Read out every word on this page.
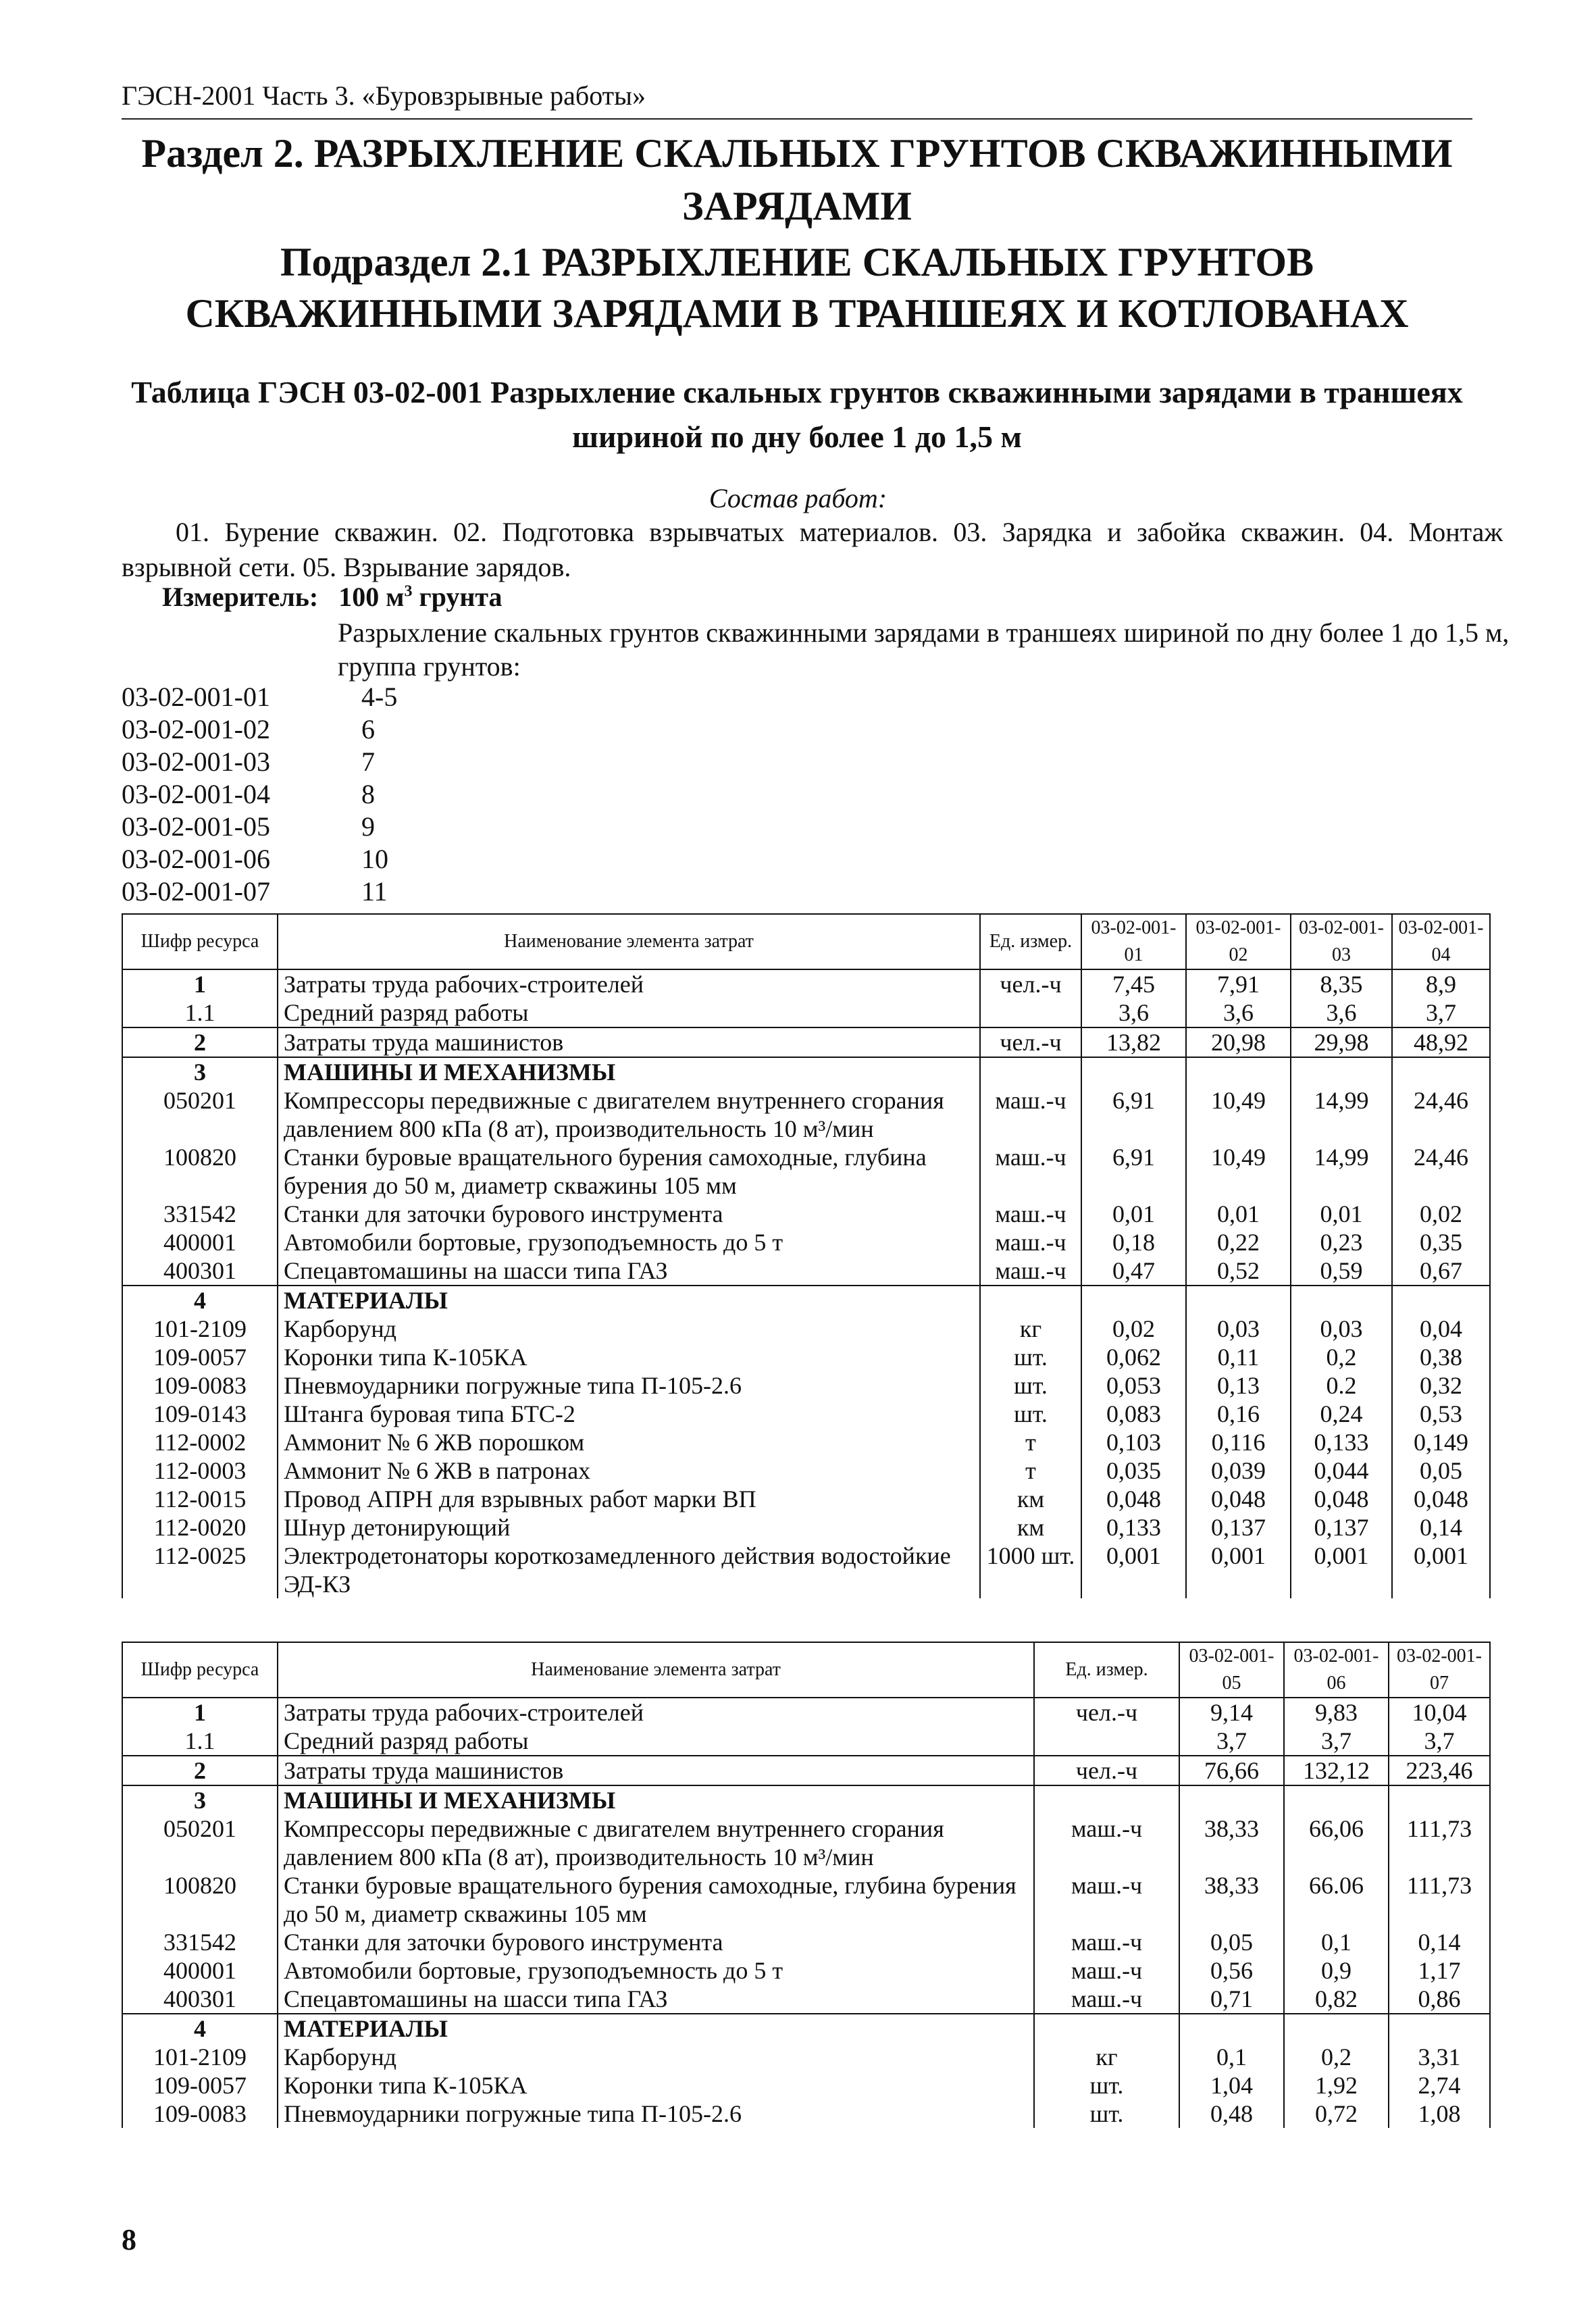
ГЭСН-2001 Часть 3. «Буровзрывные работы»
Раздел 2. РАЗРЫХЛЕНИЕ СКАЛЬНЫХ ГРУНТОВ СКВАЖИННЫМИ ЗАРЯДАМИ
Подраздел 2.1 РАЗРЫХЛЕНИЕ СКАЛЬНЫХ ГРУНТОВ СКВАЖИННЫМИ ЗАРЯДАМИ В ТРАНШЕЯХ И КОТЛОВАНАХ
Таблица ГЭСН 03-02-001 Разрыхление скальных грунтов скважинными зарядами в траншеях шириной по дну более 1 до 1,5 м
Состав работ:
01. Бурение скважин. 02. Подготовка взрывчатых материалов. 03. Зарядка и забойка скважин. 04. Монтаж взрывной сети. 05. Взрывание зарядов.
Измеритель: 100 $м^3$ грунта
Разрыхление скальных грунтов скважинными зарядами в траншеях шириной по дну более 1 до 1,5 м, группа грунтов:
03-02-001-01	4-5
03-02-001-02	6
03-02-001-03	7
03-02-001-04	8
03-02-001-05	9
03-02-001-06	10
03-02-001-07	11
Шифр ресурса	Наименование элемента затрат	Ед. измер.	03-02-001-01	03-02-001-02	03-02-001-03	03-02-001-04
1	Затраты труда рабочих-строителей	чел.-ч	7,45	7,91	8,35	8,9
1.1	Средний разряд работы		3,6	3,6	3,6	3,7
2	Затраты труда машинистов	чел.-ч	13,82	20,98	29,98	48,92
3	МАШИНЫ И МЕХАНИЗМЫ					
050201	Компрессоры передвижные с двигателем внутреннего сгорания давлением 800 кПа (8 ат), производительность 10 м³/мин	маш.-ч	6,91	10,49	14,99	24,46
100820	Станки буровые вращательного бурения самоходные, глубина бурения до 50 м, диаметр скважины 105 мм	маш.-ч	6,91	10,49	14,99	24,46
331542	Станки для заточки бурового инструмента	маш.-ч	0,01	0,01	0,01	0,02
400001	Автомобили бортовые, грузоподъемность до 5 т	маш.-ч	0,18	0,22	0,23	0,35
400301	Спецавтомашины на шасси типа ГАЗ	маш.-ч	0,47	0,52	0,59	0,67
4	МАТЕРИАЛЫ					
101-2109	Карборунд	кг	0,02	0,03	0,03	0,04
109-0057	Коронки типа К-105КА	шт.	0,062	0,11	0,2	0,38
109-0083	Пневмоударники погружные типа П-105-2.6	шт.	0,053	0,13	0.2	0,32
109-0143	Штанга буровая типа БТС-2	шт.	0,083	0,16	0,24	0,53
112-0002	Аммонит № 6 ЖВ порошком	т	0,103	0,116	0,133	0,149
112-0003	Аммонит № 6 ЖВ в патронах	т	0,035	0,039	0,044	0,05
112-0015	Провод АПРН для взрывных работ марки ВП	км	0,048	0,048	0,048	0,048
112-0020	Шнур детонирующий	км	0,133	0,137	0,137	0,14
112-0025	Электродетонаторы короткозамедленного действия водостойкие ЭД-КЗ	1000 шт.	0,001	0,001	0,001	0,001
Шифр ресурса	Наименование элемента затрат	Ед. измер.	03-02-001-05	03-02-001-06	03-02-001-07
1	Затраты труда рабочих-строителей	чел.-ч	9,14	9,83	10,04
1.1	Средний разряд работы		3,7	3,7	3,7
2	Затраты труда машинистов	чел.-ч	76,66	132,12	223,46
3	МАШИНЫ И МЕХАНИЗМЫ				
050201	Компрессоры передвижные с двигателем внутреннего сгорания давлением 800 кПа (8 ат), производительность 10 м³/мин	маш.-ч	38,33	66,06	111,73
100820	Станки буровые вращательного бурения самоходные, глубина бурения до 50 м, диаметр скважины 105 мм	маш.-ч	38,33	66.06	111,73
331542	Станки для заточки бурового инструмента	маш.-ч	0,05	0,1	0,14
400001	Автомобили бортовые, грузоподъемность до 5 т	маш.-ч	0,56	0,9	1,17
400301	Спецавтомашины на шасси типа ГАЗ	маш.-ч	0,71	0,82	0,86
4	МАТЕРИАЛЫ				
101-2109	Карборунд	кг	0,1	0,2	3,31
109-0057	Коронки типа К-105КА	шт.	1,04	1,92	2,74
109-0083	Пневмоударники погружные типа П-105-2.6	шт.	0,48	0,72	1,08
8
